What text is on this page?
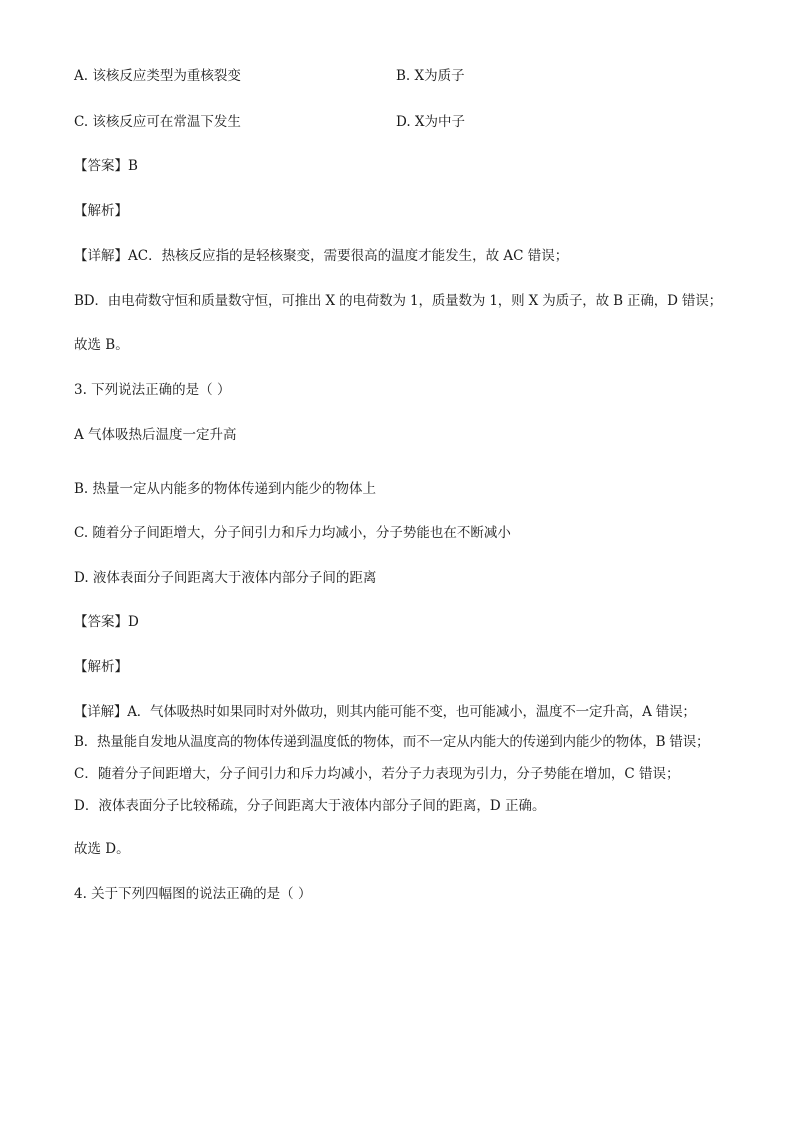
A. 该核反应类型为重核裂变	B. X为质子
C. 该核反应可在常温下发生	D. X为中子
【答案】B
【解析】
【详解】AC．热核反应指的是轻核聚变，需要很高的温度才能发生，故 AC 错误；
BD．由电荷数守恒和质量数守恒，可推出 X 的电荷数为 1，质量数为 1，则 X 为质子，故 B 正确，D 错误；
故选 B。
3. 下列说法正确的是（ ）
A 气体吸热后温度一定升高
B. 热量一定从内能多的物体传递到内能少的物体上
C. 随着分子间距增大，分子间引力和斥力均减小，分子势能也在不断减小
D. 液体表面分子间距离大于液体内部分子间的距离
【答案】D
【解析】
【详解】A．气体吸热时如果同时对外做功，则其内能可能不变，也可能减小，温度不一定升高，A 错误；
B．热量能自发地从温度高的物体传递到温度低的物体，而不一定从内能大的传递到内能少的物体，B 错误；
C．随着分子间距增大，分子间引力和斥力均减小，若分子力表现为引力，分子势能在增加，C 错误；
D．液体表面分子比较稀疏，分子间距离大于液体内部分子间的距离，D 正确。
故选 D。
4. 关于下列四幅图的说法正确的是（ ）
